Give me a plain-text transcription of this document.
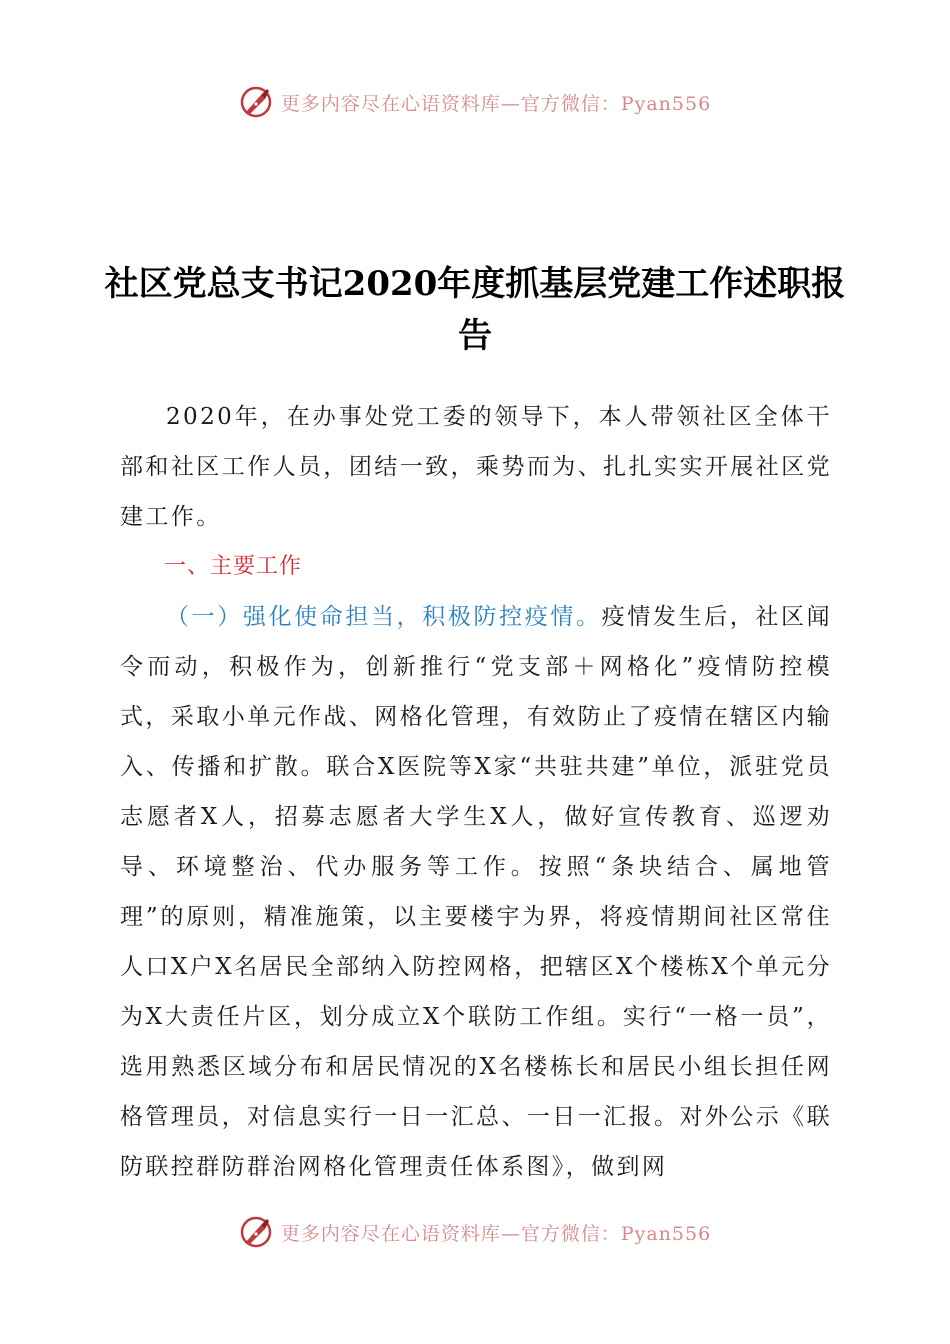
更多内容尽在心语资料库—官方微信：Pyan556
社区党总支书记2020年度抓基层党建工作述职报告

2020年，在办事处党工委的领导下，本人带领社区全体干部和社区工作人员，团结一致，乘势而为、扎扎实实开展社区党建工作。

一、主要工作

（一）强化使命担当，积极防控疫情。疫情发生后，社区闻令而动，积极作为，创新推行“党支部＋网格化”疫情防控模式，采取小单元作战、网格化管理，有效防止了疫情在辖区内输入、传播和扩散。联合X医院等X家“共驻共建”单位，派驻党员志愿者X人，招募志愿者大学生X人，做好宣传教育、巡逻劝导、环境整治、代办服务等工作。按照“条块结合、属地管理”的原则，精准施策，以主要楼宇为界，将疫情期间社区常住人口X户X名居民全部纳入防控网格，把辖区X个楼栋X个单元分为X大责任片区，划分成立X个联防工作组。实行“一格一员”，选用熟悉区域分布和居民情况的X名楼栋长和居民小组长担任网格管理员，对信息实行一日一汇总、一日一汇报。对外公示《联防联控群防群治网格化管理责任体系图》，做到网

更多内容尽在心语资料库—官方微信：Pyan556
